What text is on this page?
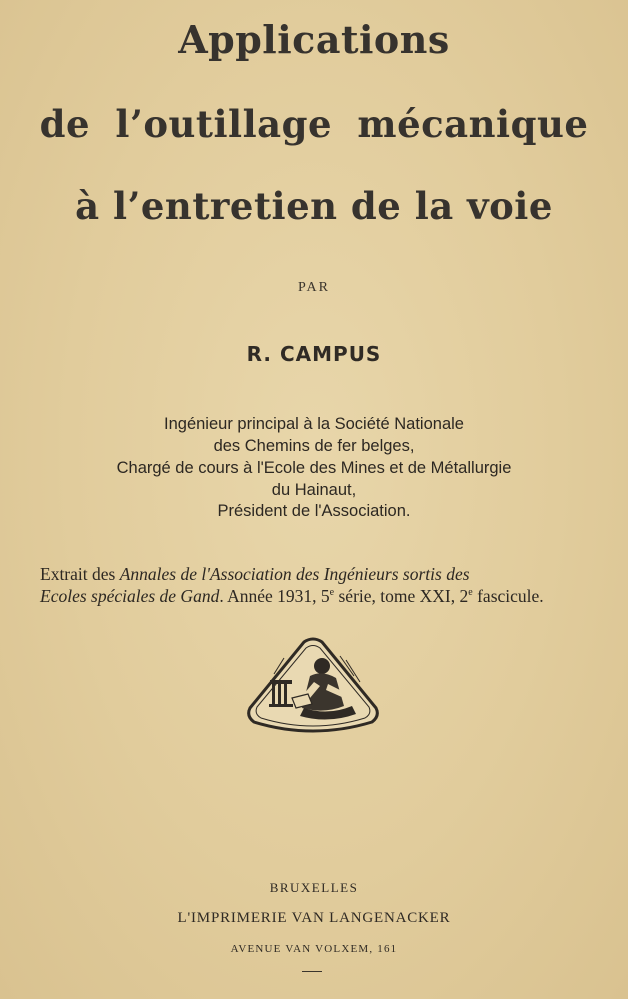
Applications
de l’outillage mécanique
à l’entretien de la voie
PAR
R. CAMPUS
Ingénieur principal à la Société Nationale
des Chemins de fer belges,
Chargé de cours à l'Ecole des Mines et de Métallurgie
du Hainaut,
Président de l'Association.
Extrait des Annales de l'Association des Ingénieurs sortis des
Ecoles spéciales de Gand. Année 1931, 5e série, tome XXI, 2e fascicule.
BRUXELLES
L'IMPRIMERIE VAN LANGENACKER
AVENUE VAN VOLXEM, 161
